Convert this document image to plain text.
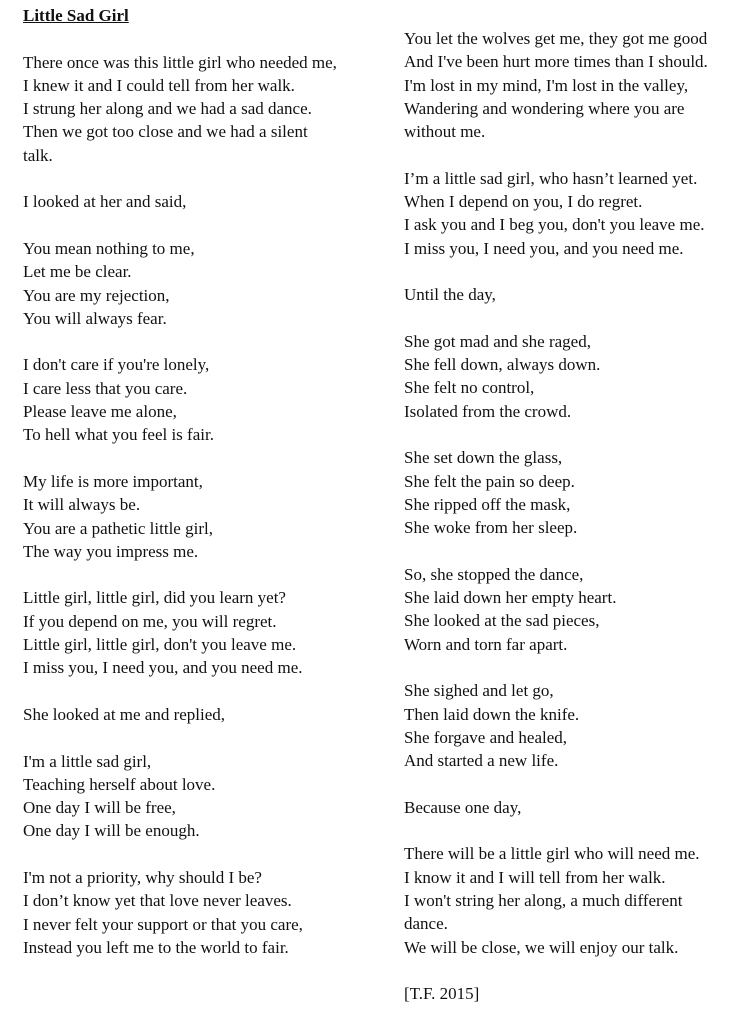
Little Sad Girl

There once was this little girl who needed me,
I knew it and I could tell from her walk.
I strung her along and we had a sad dance.
Then we got too close and we had a silent
talk.
I looked at her and said,
You mean nothing to me,
Let me be clear.
You are my rejection,
You will always fear.
I don't care if you're lonely,
I care less that you care.
Please leave me alone,
To hell what you feel is fair.
My life is more important,
It will always be.
You are a pathetic little girl,
The way you impress me.
Little girl, little girl, did you learn yet?
If you depend on me, you will regret.
Little girl, little girl, don't you leave me.
I miss you, I need you, and you need me.
She looked at me and replied,
I'm a little sad girl,
Teaching herself about love.
One day I will be free,
One day I will be enough.
I'm not a priority, why should I be?
I don’t know yet that love never leaves.
I never felt your support or that you care,
Instead you left me to the world to fair.
You let the wolves get me, they got me good
And I've been hurt more times than I should.
I'm lost in my mind, I'm lost in the valley,
Wandering and wondering where you are
without me.
I’m a little sad girl, who hasn’t learned yet.
When I depend on you, I do regret.
I ask you and I beg you, don't you leave me.
I miss you, I need you, and you need me.
Until the day,
She got mad and she raged,
She fell down, always down.
She felt no control,
Isolated from the crowd.
She set down the glass,
She felt the pain so deep.
She ripped off the mask,
She woke from her sleep.
So, she stopped the dance,
She laid down her empty heart.
She looked at the sad pieces,
Worn and torn far apart.
She sighed and let go,
Then laid down the knife.
She forgave and healed,
And started a new life.
Because one day,
There will be a little girl who will need me.
I know it and I will tell from her walk.
I won't string her along, a much different
dance.
We will be close, we will enjoy our talk.
[T.F. 2015]
